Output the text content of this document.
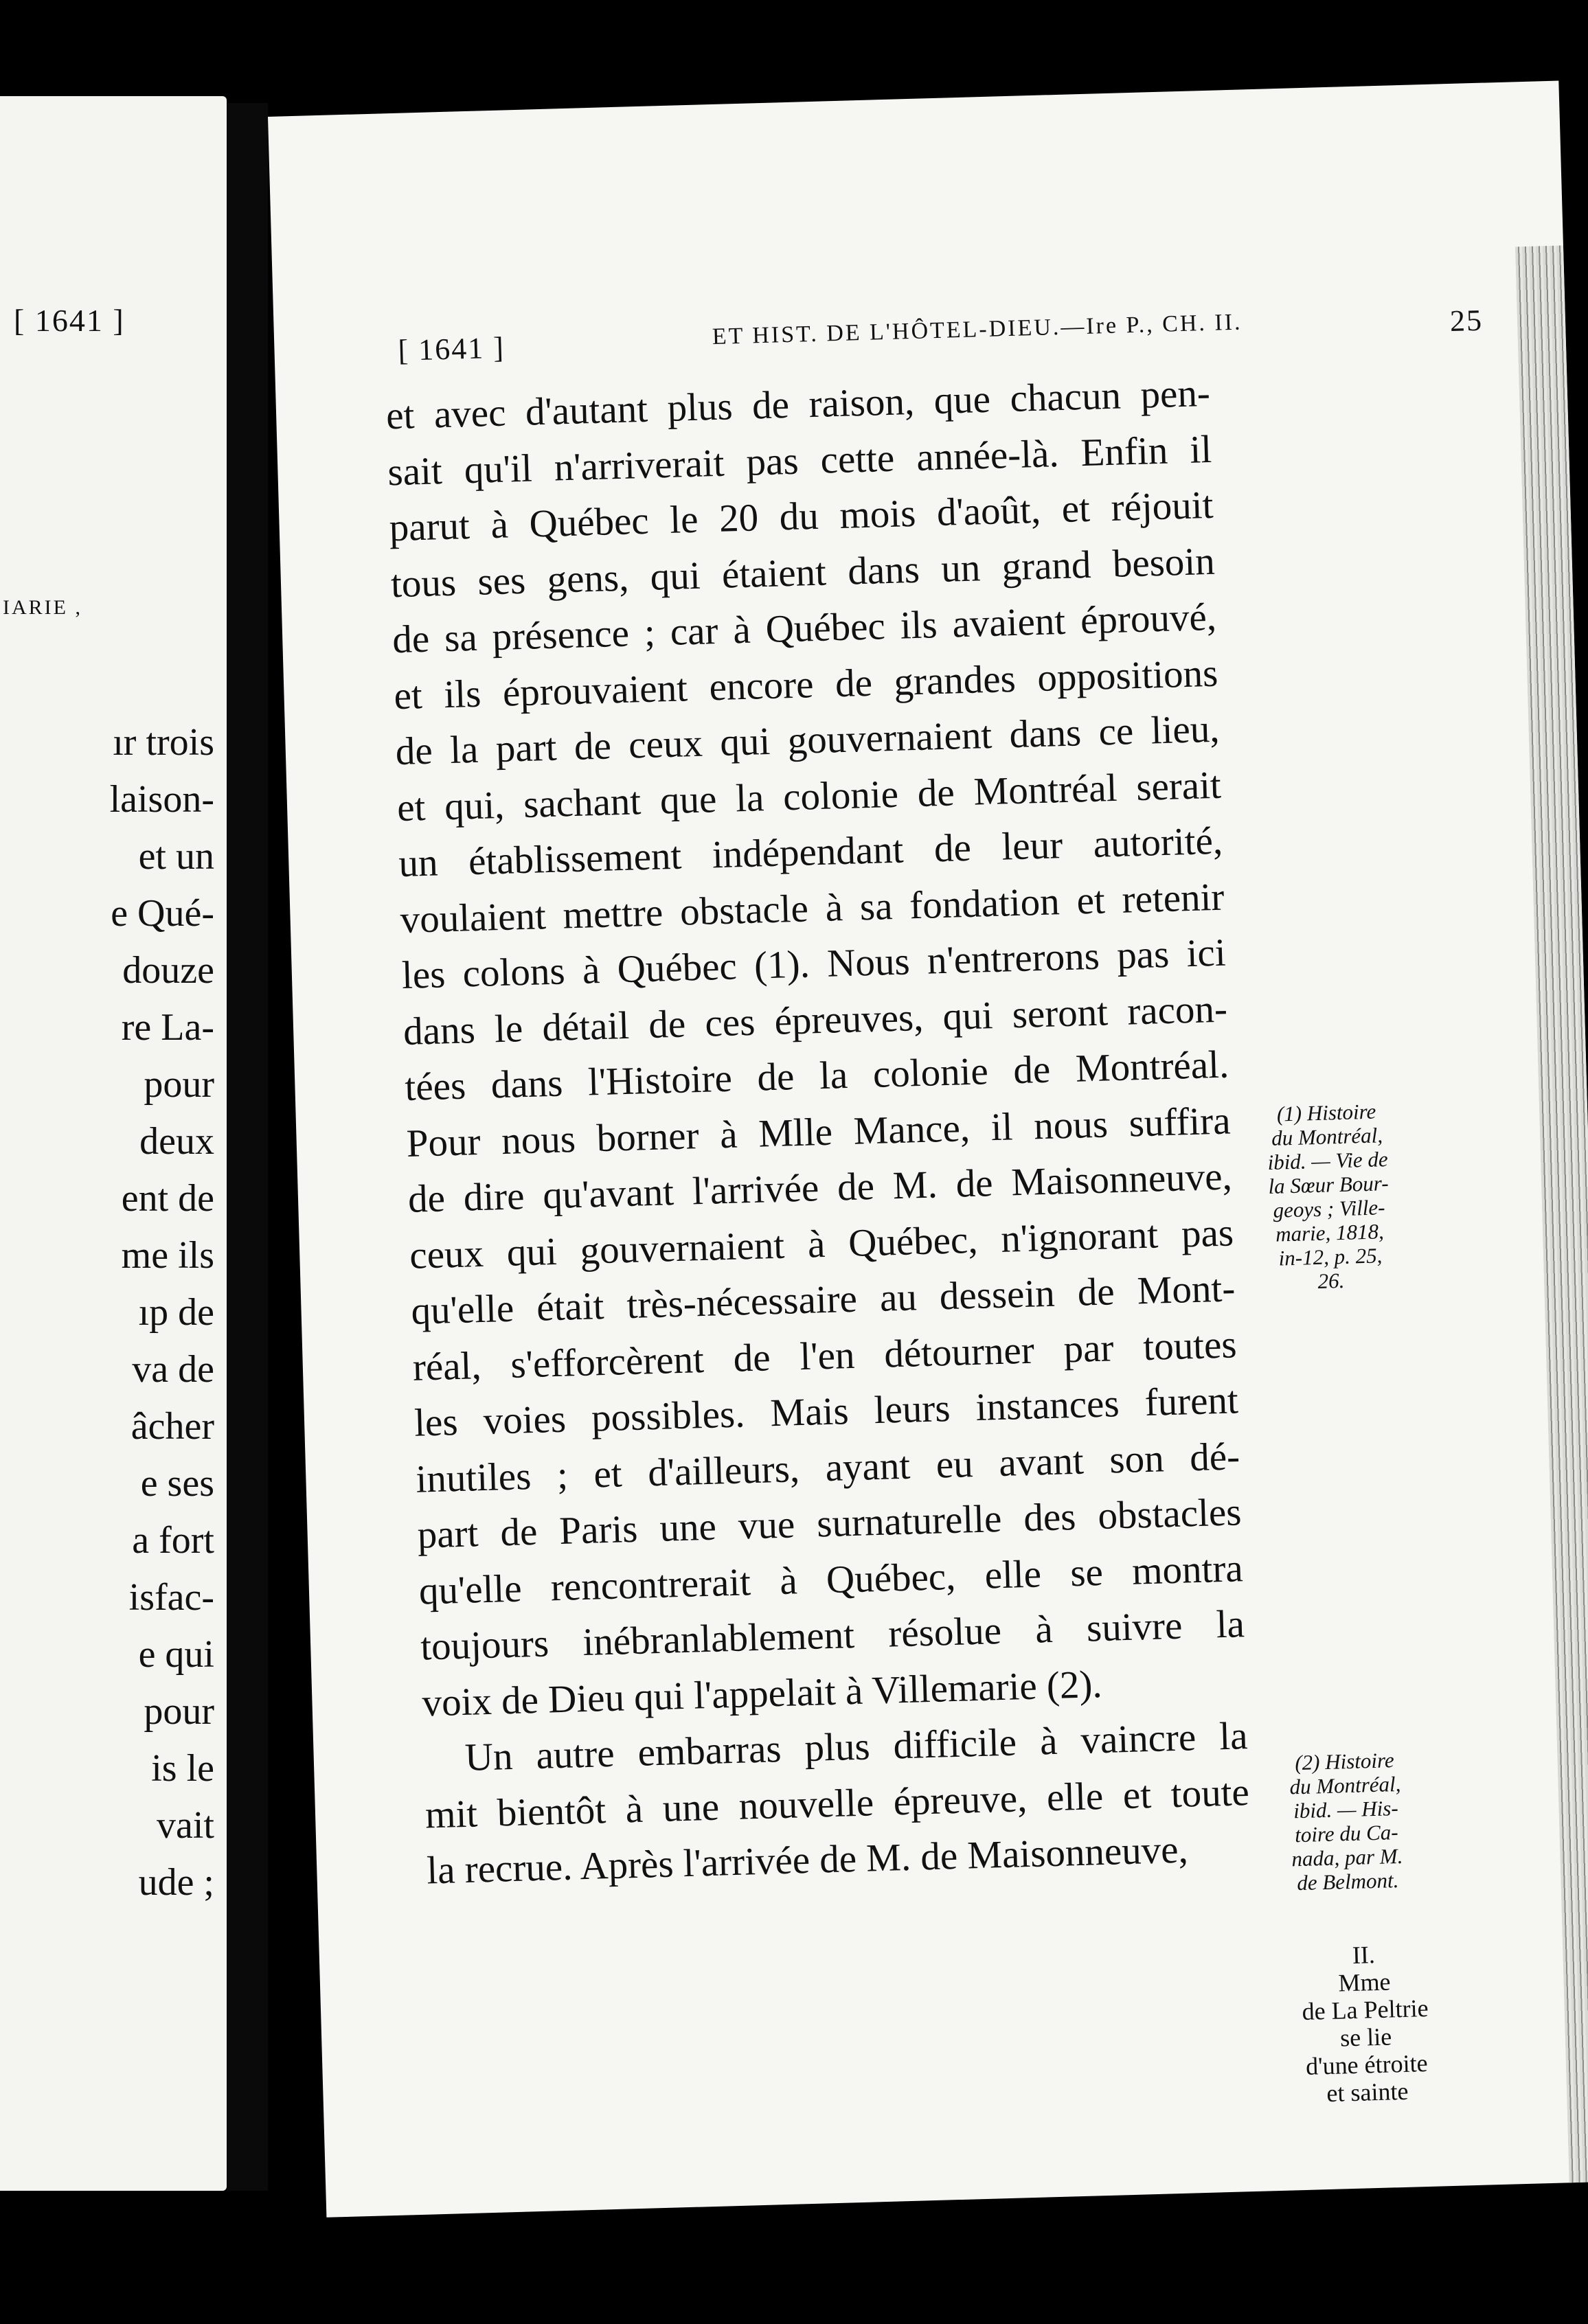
[ 1641 ]
IARIE ,
ır trois
laison-
et un
e Qué-
douze
re La-
pour
deux
ent de
me ils
ıp de
va de
âcher
e ses
a fort
isfac-
e qui
pour
is le
vait
ude ;
[ 1641 ]	ET HIST. DE L'HÔTEL-DIEU.—Ire P., CH. II.	25
et avec d'autant plus de raison, que chacun pen-
sait qu'il n'arriverait pas cette année-là. Enfin il
parut à Québec le 20 du mois d'août, et réjouit
tous ses gens, qui étaient dans un grand besoin
de sa présence ; car à Québec ils avaient éprouvé,
et ils éprouvaient encore de grandes oppositions
de la part de ceux qui gouvernaient dans ce lieu,
et qui, sachant que la colonie de Montréal serait
un établissement indépendant de leur autorité,
voulaient mettre obstacle à sa fondation et retenir
les colons à Québec (1). Nous n'entrerons pas ici
dans le détail de ces épreuves, qui seront racon-
tées dans l'Histoire de la colonie de Montréal.
Pour nous borner à Mlle Mance, il nous suffira
de dire qu'avant l'arrivée de M. de Maisonneuve,
ceux qui gouvernaient à Québec, n'ignorant pas
qu'elle était très-nécessaire au dessein de Mont-
réal, s'efforcèrent de l'en détourner par toutes
les voies possibles. Mais leurs instances furent
inutiles ; et d'ailleurs, ayant eu avant son dé-
part de Paris une vue surnaturelle des obstacles
qu'elle rencontrerait à Québec, elle se montra
toujours inébranlablement résolue à suivre la
voix de Dieu qui l'appelait à Villemarie (2).
Un autre embarras plus difficile à vaincre la
mit bientôt à une nouvelle épreuve, elle et toute
la recrue. Après l'arrivée de M. de Maisonneuve,
(1) Histoire
du Montréal,
ibid. — Vie de
la Sœur Bour-
geoys ; Ville-
marie, 1818,
in-12, p. 25,
26.
(2) Histoire
du Montréal,
ibid. — His-
toire du Ca-
nada, par M.
de Belmont.
II.
Mme
de La Peltrie
se lie
d'une étroite
et sainte
